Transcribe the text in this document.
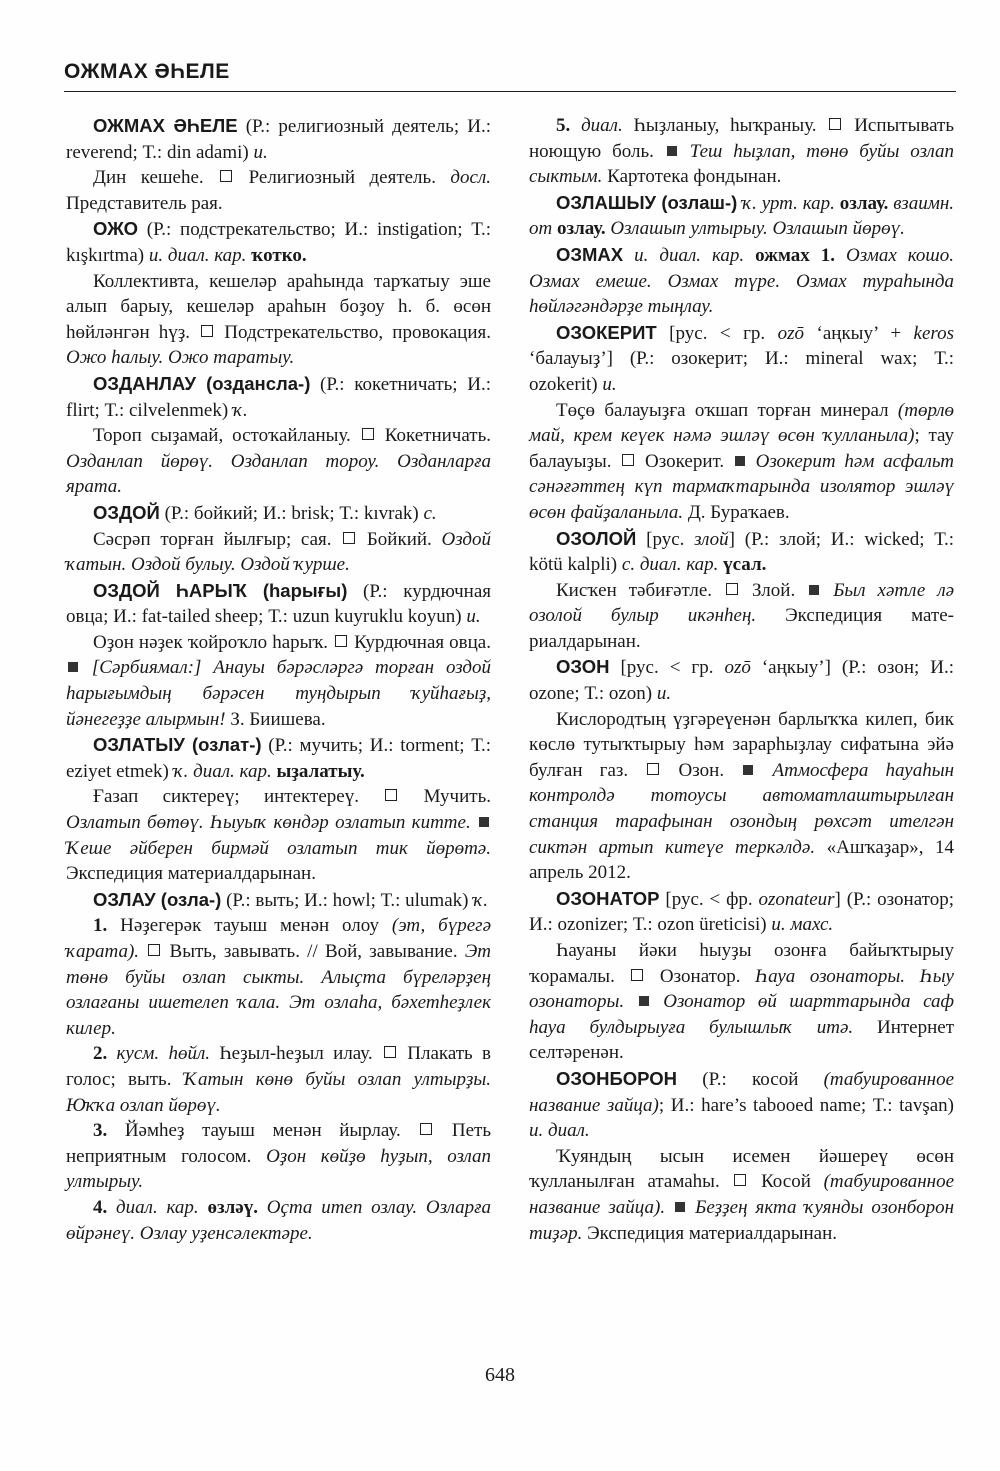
ОЖМАХ ӘҺЕЛЕ

ОЖМАХ ӘҺЕЛЕ (Р.: религиозный деятель; И.: reverend; Т.: din adami) и.

Дин кешеһе.  Религиозный деятель. досл. Представитель рая.

ОЖО (Р.: подстрекательство; И.: instigation; Т.: kışkırtma) и. диал. кар. ҡотко.

Коллективта, кешеләр араһында тарҡатыу эше алып барыу, кешеләр араһын боҙоу һ. б. өсөн һөйләнгән һүҙ.  Подстрекательство, провокация. Ожо һалыу. Ожо таратыу.

ОЗДАНЛАУ (оздансла-) (Р.: кокетничать; И.: flirt; Т.: cilvelenmek) ҡ.

Тороп сыҙамай, остоҡайланыу.  Кокетничать. Озданлап йөрөү. Озданлап тороу. Озданларға ярата.

ОЗДОЙ (Р.: бойкий; И.: brisk; Т.: kıvrak) с.

Сәсрәп торған йылғыр; сая.  Бойкий. Оздой ҡатын. Оздой булыу. Оздой ҡурше.

ОЗДОЙ ҺАРЫҠ (һарығы) (Р.: курдючная овца; И.: fat-tailed sheep; Т.: uzun kuyruklu koyun) и.

Оҙон нәҙек ҡойроҡло һарыҡ.  Курдючная овца.  [Сәрбиямал:] Анауы бәрәсләргә торған оздой һарығымдың бәрәсен туңдырып ҡуйһағыҙ, йәнегеҙҙе алырмын! З. Биишева.

ОЗЛАТЫУ (озлат-) (Р.: мучить; И.: torment; Т.: eziyet etmek) ҡ. диал. кар. ыҙалатыу.

Ғазап сиктереү; интектереү.  Мучить. Озлатып бөтөү. Һыуыҡ көндәр озлатып китте.  Ҡеше әйберен бирмәй озлатып тик йөрөтә. Экспедиция материалдарынан.

ОЗЛАУ (озла-) (Р.: выть; И.: howl; Т.: ulumak) ҡ.

1. Нәҙегерәк тауыш менән олоу (эт, бүрегә ҡарата).  Выть, завывать. // Вой, завывание. Эт төнө буйы озлап сыкты. Алыҫта бүреләрҙең озлағаны ишетелеп ҡала. Эт озлаһа, бәхетһеҙлек килер.

2. кусм. һөйл. Һеҙыл-һеҙыл илау.  Плакать в голос; выть. Ҡатын көнө буйы озлап ултырҙы. Юҡҡа озлап йөрөү.

3. Йәмһеҙ тауыш менән йырлау.  Петь неприятным голосом. Оҙон көйҙө һуҙып, озлап ултырыу.

4. диал. кар. өзләү. Оҫта итеп озлау. Озларға өйрәнеү. Озлау уҙенсәлектәре.

5. диал. Һыҙланыу, һыҡраныу.  Испытывать ноющую боль.  Теш һыҙлап, төнө буйы озлап сыктым. Картотека фондынан.

ОЗЛАШЫУ (озлаш-) ҡ. урт. кар. озлау. взаимн. от озлау. Озлашып ултырыу. Озлашып йөрөү.

ОЗМАХ и. диал. кар. ожмах 1. Озмах кошо. Озмах емеше. Озмах түре. Озмах тураһында һөйләгәндәрҙе тыңлау.

ОЗОКЕРИТ [рус. < гр. ozō ‘аңкыу’ + keros ‘балауыҙ’] (Р.: озокерит; И.: mineral wax; Т.: ozokerit) и.

Төҫө балауыҙға оҡшап торған минерал (төрлө май, крем кеүек нәмә эшләү өсөн ҡулланыла); тау балауыҙы.  Озокерит.  Озокерит һәм асфальт сәнәғәттең күп тармаҡтарында изолятор эшләү өсөн файҙаланыла. Д. Бураҡаев.

ОЗОЛОЙ [рус. злой] (Р.: злой; И.: wicked; Т.: kötü kalpli) с. диал. кар. үсал.

Кисҡен тәбиғәтле.  Злой.  Был хәтле лә озолой булыр икәнһең. Экспедиция материалдарынан.

ОЗОН [рус. < гр. ozō ‘аңкыу’] (Р.: озон; И.: ozone; Т.: ozon) и.

Кислородтың үҙгәреүенән барлыҡҡа килеп, бик көслө тутыҡтырыу һәм зарарһыҙлау сифатына эйә булған газ.  Озон.  Атмосфера һауаһын контролдә тотоусы автоматлаштырылған станция тарафынан озондың рөхсәт ителгән сиктән артып китеүе теркәлдә. «Ашҡаҙар», 14 апрель 2012.

ОЗОНАТОР [рус. < фр. ozonateur] (Р.: озонатор; И.: ozonizer; Т.: ozon üreticisi) и. махс.

Һауаны йәки һыуҙы озонға байыҡтырыу ҡорамалы.  Озонатор. Һауа озонаторы. Һыу озонаторы.  Озонатор өй шарттарында саф һауа булдырыуға булышлыҡ итә. Интернет селтәренән.

ОЗОНБОРОН (Р.: косой (табуированное название зайца); И.: hare’s tabooed name; Т.: tavşan) и. диал.

Ҡуяндың ысын исемен йәшереү өсөн ҡулланылған атамаһы.  Косой (табуированное название зайца).  Беҙҙең якта ҡуянды озонборон тиҙәр. Экспедиция материалдарынан.

648
